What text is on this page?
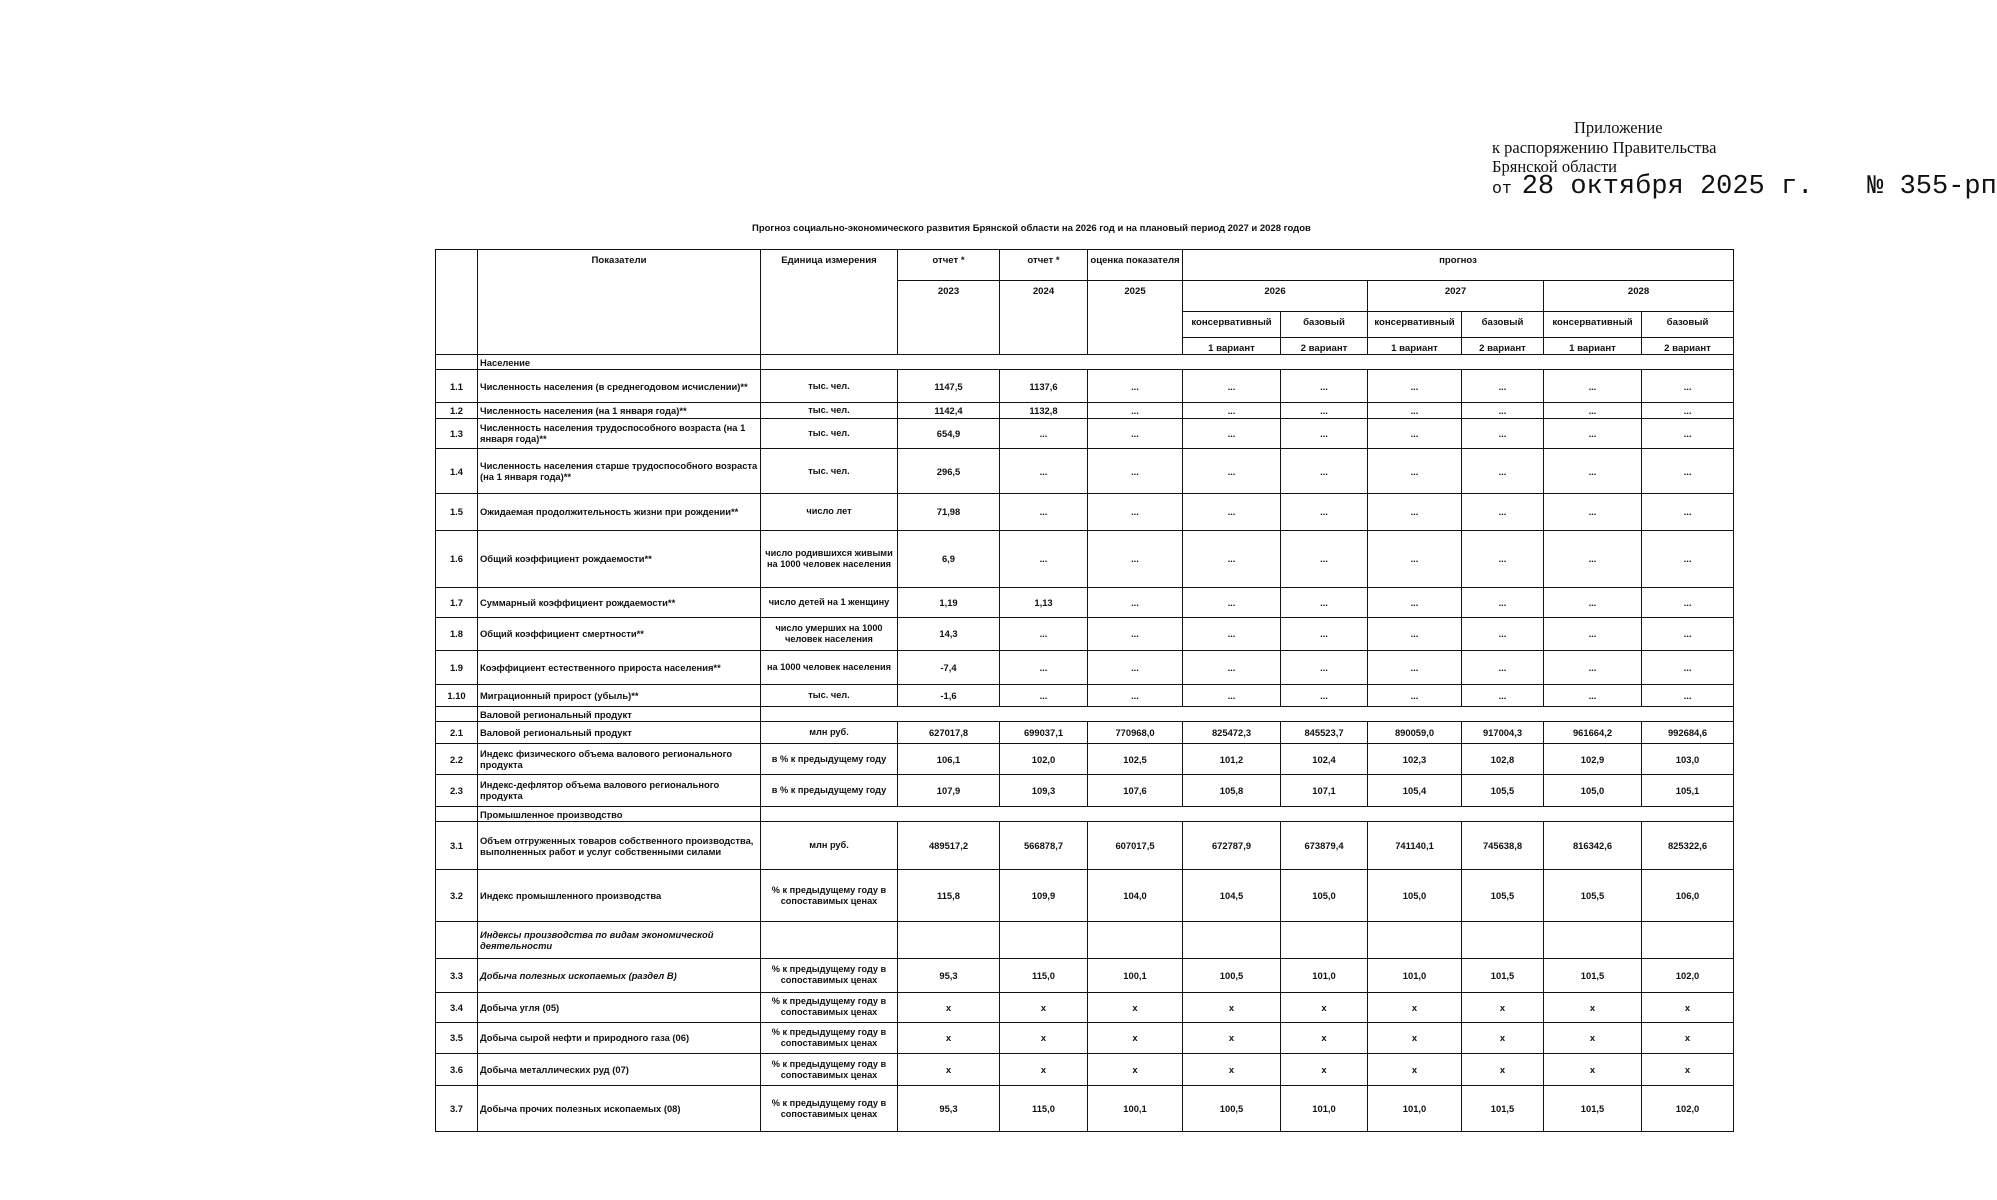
Приложение
к распоряжению Правительства
Брянской области
от 28 октября 2025 г. № 355-рп
Прогноз социально-экономического развития Брянской области на 2026 год и на плановый период 2027 и 2028 годов
	Показатели	Единица измерения	отчет *	отчет *	оценка показателя	прогноз					
			2023	2024	2025	2026		2027		2028	
						консервативный	базовый	консервативный	базовый	консервативный	базовый
						1 вариант	2 вариант	1 вариант	2 вариант	1 вариант	2 вариант
	Население										
1.1	Численность населения (в среднегодовом исчислении)**	тыс. чел.	1147,5	1137,6	...	...	...	...	...	...	...
1.2	Численность населения (на 1 января года)**	тыс. чел.	1142,4	1132,8	...	...	...	...	...	...	...
1.3	Численность населения трудоспособного возраста (на 1 января года)**	тыс. чел.	654,9	...	...	...	...	...	...	...	...
1.4	Численность населения старше трудоспособного возраста (на 1 января года)**	тыс. чел.	296,5	...	...	...	...	...	...	...	...
1.5	Ожидаемая продолжительность жизни при рождении**	число лет	71,98	...	...	...	...	...	...	...	...
1.6	Общий коэффициент рождаемости**	число родившихся живыми на 1000 человек населения	6,9	...	...	...	...	...	...	...	...
1.7	Суммарный коэффициент рождаемости**	число детей на 1 женщину	1,19	1,13	...	...	...	...	...	...	...
1.8	Общий коэффициент смертности**	число умерших на 1000 человек населения	14,3	...	...	...	...	...	...	...	...
1.9	Коэффициент естественного прироста населения**	на 1000 человек населения	-7,4	...	...	...	...	...	...	...	...
1.10	Миграционный прирост (убыль)**	тыс. чел.	-1,6	...	...	...	...	...	...	...	...
	Валовой региональный продукт										
2.1	Валовой региональный продукт	млн руб.	627017,8	699037,1	770968,0	825472,3	845523,7	890059,0	917004,3	961664,2	992684,6
2.2	Индекс физического объема валового регионального продукта	в % к предыдущему году	106,1	102,0	102,5	101,2	102,4	102,3	102,8	102,9	103,0
2.3	Индекс-дефлятор объема валового регионального продукта	в % к предыдущему году	107,9	109,3	107,6	105,8	107,1	105,4	105,5	105,0	105,1
	Промышленное производство										
3.1	Объем отгруженных товаров собственного производства, выполненных работ и услуг собственными силами	млн руб.	489517,2	566878,7	607017,5	672787,9	673879,4	741140,1	745638,8	816342,6	825322,6
3.2	Индекс промышленного производства	% к предыдущему году в сопоставимых ценах	115,8	109,9	104,0	104,5	105,0	105,0	105,5	105,5	106,0
	Индексы производства по видам экономической деятельности										
3.3	Добыча полезных ископаемых (раздел B)	% к предыдущему году в сопоставимых ценах	95,3	115,0	100,1	100,5	101,0	101,0	101,5	101,5	102,0
3.4	Добыча угля (05)	% к предыдущему году в сопоставимых ценах	x	x	x	x	x	x	x	x	x
3.5	Добыча сырой нефти и природного газа (06)	% к предыдущему году в сопоставимых ценах	x	x	x	x	x	x	x	x	x
3.6	Добыча металлических руд (07)	% к предыдущему году в сопоставимых ценах	x	x	x	x	x	x	x	x	x
3.7	Добыча прочих полезных ископаемых (08)	% к предыдущему году в сопоставимых ценах	95,3	115,0	100,1	100,5	101,0	101,0	101,5	101,5	102,0
